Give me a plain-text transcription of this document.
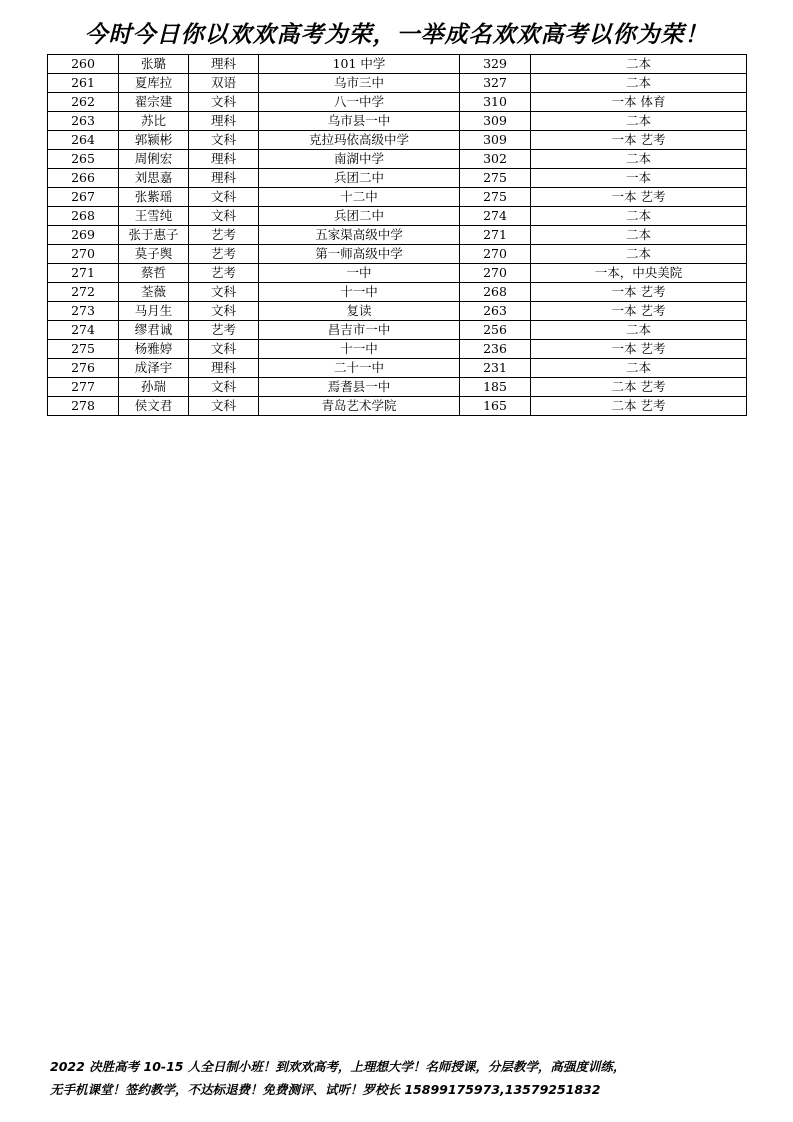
今时今日你以欢欢高考为荣，一举成名欢欢高考以你为荣！
260	张璐	理科	101 中学	329	二本
261	夏库拉	双语	乌市三中	327	二本
262	翟宗建	文科	八一中学	310	一本 体育
263	苏比	理科	乌市县一中	309	二本
264	郭颍彬	文科	克拉玛依高级中学	309	一本 艺考
265	周俐宏	理科	南湖中学	302	二本
266	刘思嘉	理科	兵团二中	275	一本
267	张紫瑶	文科	十二中	275	一本 艺考
268	王雪纯	文科	兵团二中	274	二本
269	张于惠子	艺考	五家渠高级中学	271	二本
270	莫子舆	艺考	第一师高级中学	270	二本
271	蔡哲	艺考	一中	270	一本，中央美院
272	荃薇	文科	十一中	268	一本 艺考
273	马月生	文科	复读	263	一本 艺考
274	缪君诚	艺考	昌吉市一中	256	二本
275	杨雅婷	文科	十一中	236	一本 艺考
276	成泽宇	理科	二十一中	231	二本
277	孙瑞	文科	焉耆县一中	185	二本 艺考
278	侯文君	文科	青岛艺术学院	165	二本 艺考
2022 决胜高考 10-15 人全日制小班！到欢欢高考，上理想大学！名师授课，分层教学，高强度训练，
无手机课堂！签约教学，不达标退费！免费测评、试听！罗校长 15899175973,13579251832
